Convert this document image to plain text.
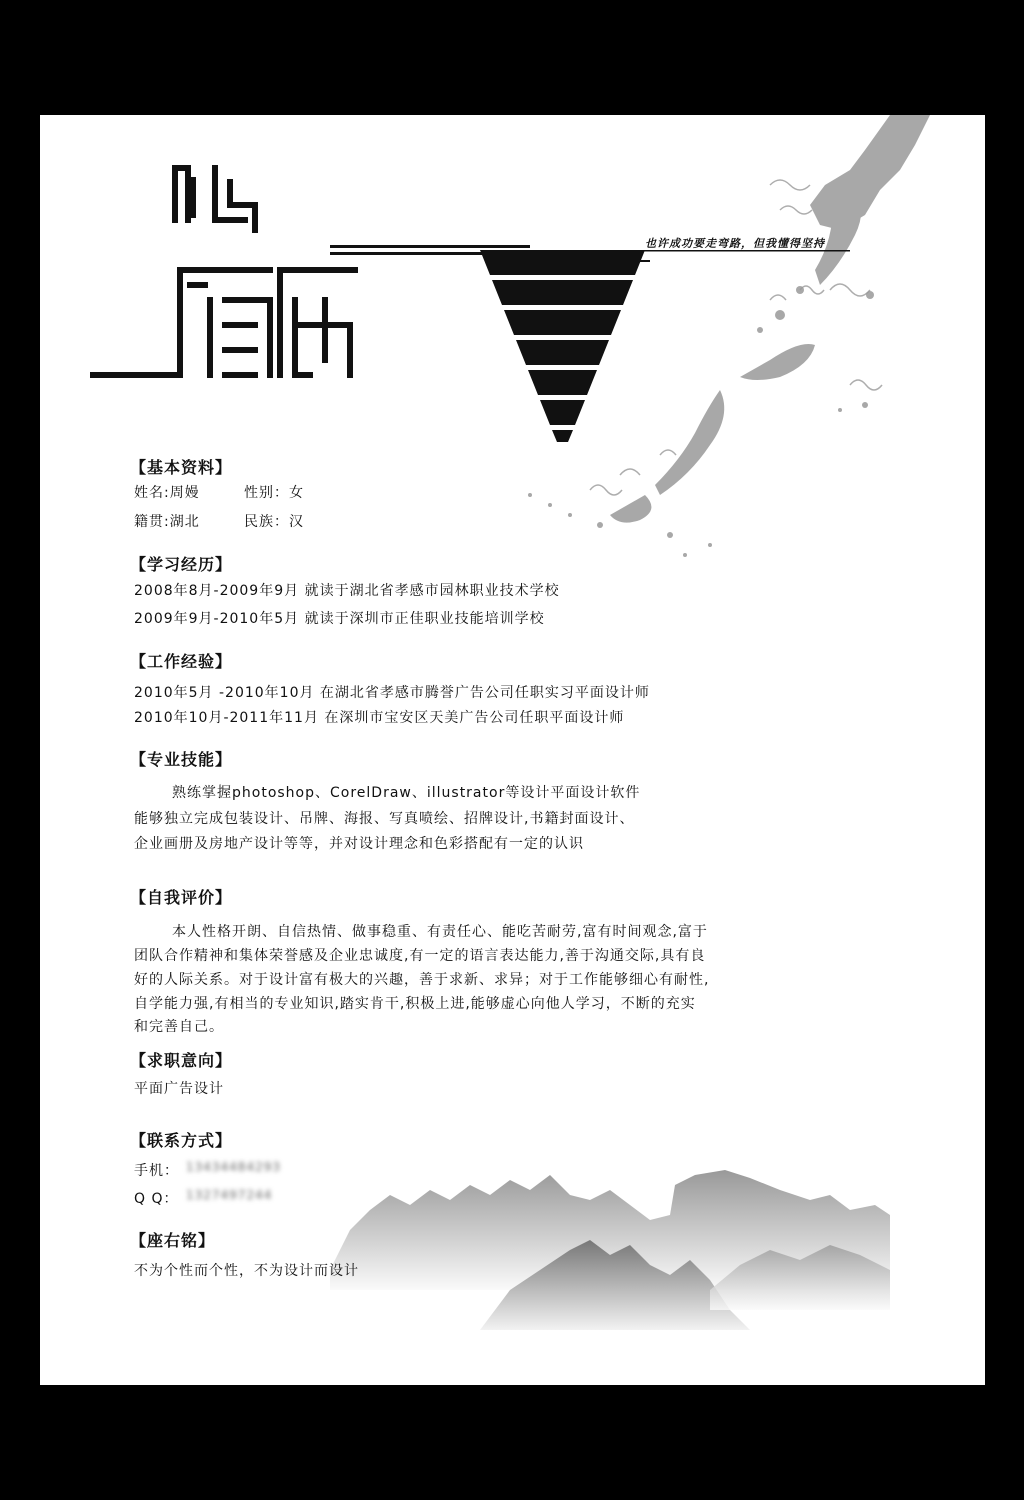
也许成功要走弯路，但我懂得坚持
【基本资料】
姓名:周嫚	性别：女
籍贯:湖北	民族：汉
【学习经历】
2008年8月-2009年9月 就读于湖北省孝感市园林职业技术学校
2009年9月-2010年5月 就读于深圳市正佳职业技能培训学校
【工作经验】
2010年5月 -2010年10月 在湖北省孝感市腾誉广告公司任职实习平面设计师
2010年10月-2011年11月 在深圳市宝安区天美广告公司任职平面设计师
【专业技能】
熟练掌握photoshop、CorelDraw、illustrator等设计平面设计软件
能够独立完成包装设计、吊牌、海报、写真喷绘、招牌设计,书籍封面设计、
企业画册及房地产设计等等，并对设计理念和色彩搭配有一定的认识
【自我评价】
本人性格开朗、自信热情、做事稳重、有责任心、能吃苦耐劳,富有时间观念,富于
团队合作精神和集体荣誉感及企业忠诚度,有一定的语言表达能力,善于沟通交际,具有良
好的人际关系。对于设计富有极大的兴趣，善于求新、求异；对于工作能够细心有耐性,
自学能力强,有相当的专业知识,踏实肯干,积极上进,能够虚心向他人学习，不断的充实
和完善自己。
【求职意向】
平面广告设计
【联系方式】
手机： 13434484293
Q Q： 1327497244
【座右铭】
不为个性而个性，不为设计而设计
